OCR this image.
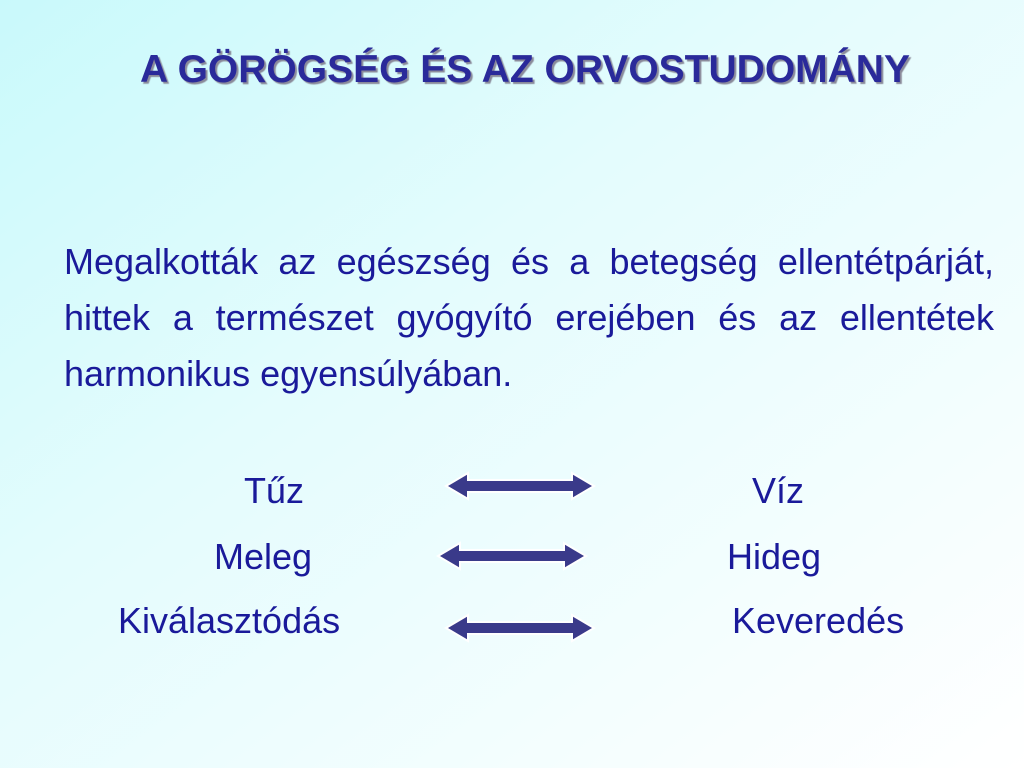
A GÖRÖGSÉG ÉS AZ ORVOSTUDOMÁNY
Megalkották az egészség és a betegség ellentétpárját, hittek a természet gyógyító erejében és az ellentétek harmonikus egyensúlyában.
Tűz	Víz
Meleg	Hideg
Kiválasztódás	Keveredés
